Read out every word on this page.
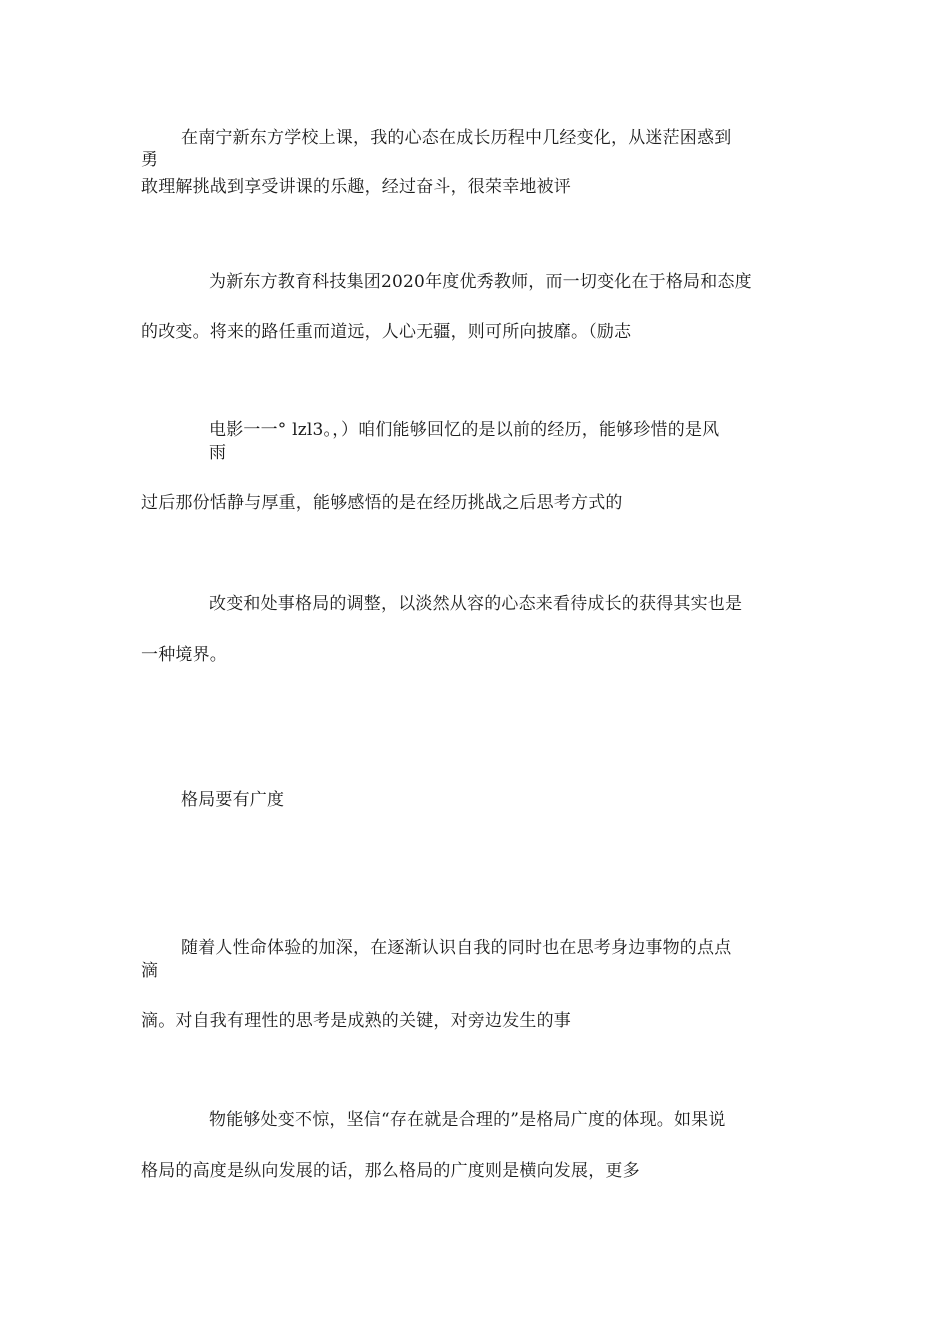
在南宁新东方学校上课，我的心态在成长历程中几经变化，从迷茫困惑到
勇
敢理解挑战到享受讲课的乐趣，经过奋斗，很荣幸地被评
为新东方教育科技集团2020年度优秀教师，而一切变化在于格局和态度
的改变。将来的路任重而道远，人心无疆，则可所向披靡。（励志
电影一一° lzl3。，）咱们能够回忆的是以前的经历，能够珍惜的是风
雨
过后那份恬静与厚重，能够感悟的是在经历挑战之后思考方式的
改变和处事格局的调整，以淡然从容的心态来看待成长的获得其实也是
一种境界。
格局要有广度
随着人性命体验的加深，在逐渐认识自我的同时也在思考身边事物的点点
滴
滴。对自我有理性的思考是成熟的关键，对旁边发生的事
物能够处变不惊，坚信“存在就是合理的”是格局广度的体现。如果说
格局的高度是纵向发展的话，那么格局的广度则是横向发展，更多
